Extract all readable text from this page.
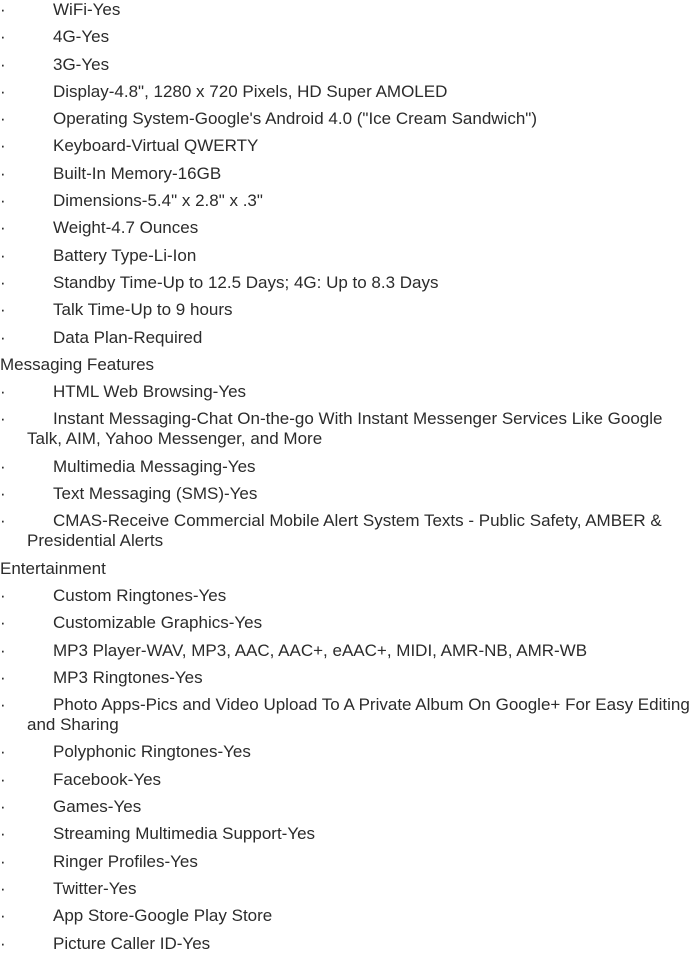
·	WiFi-Yes
·	4G-Yes
·	3G-Yes
·	Display-4.8", 1280 x 720 Pixels, HD Super AMOLED
·	Operating System-Google's Android 4.0 ("Ice Cream Sandwich")
·	Keyboard-Virtual QWERTY
·	Built-In Memory-16GB
·	Dimensions-5.4" x 2.8" x .3"
·	Weight-4.7 Ounces
·	Battery Type-Li-Ion
·	Standby Time-Up to 12.5 Days; 4G: Up to 8.3 Days
·	Talk Time-Up to 9 hours
·	Data Plan-Required
Messaging Features
·	HTML Web Browsing-Yes
·	Instant Messaging-Chat On-the-go With Instant Messenger Services Like Google Talk, AIM, Yahoo Messenger, and More
·	Multimedia Messaging-Yes
·	Text Messaging (SMS)-Yes
·	CMAS-Receive Commercial Mobile Alert System Texts - Public Safety, AMBER & Presidential Alerts
Entertainment
·	Custom Ringtones-Yes
·	Customizable Graphics-Yes
·	MP3 Player-WAV, MP3, AAC, AAC+, eAAC+, MIDI, AMR-NB, AMR-WB
·	MP3 Ringtones-Yes
·	Photo Apps-Pics and Video Upload To A Private Album On Google+ For Easy Editing and Sharing
·	Polyphonic Ringtones-Yes
·	Facebook-Yes
·	Games-Yes
·	Streaming Multimedia Support-Yes
·	Ringer Profiles-Yes
·	Twitter-Yes
·	App Store-Google Play Store
·	Picture Caller ID-Yes
